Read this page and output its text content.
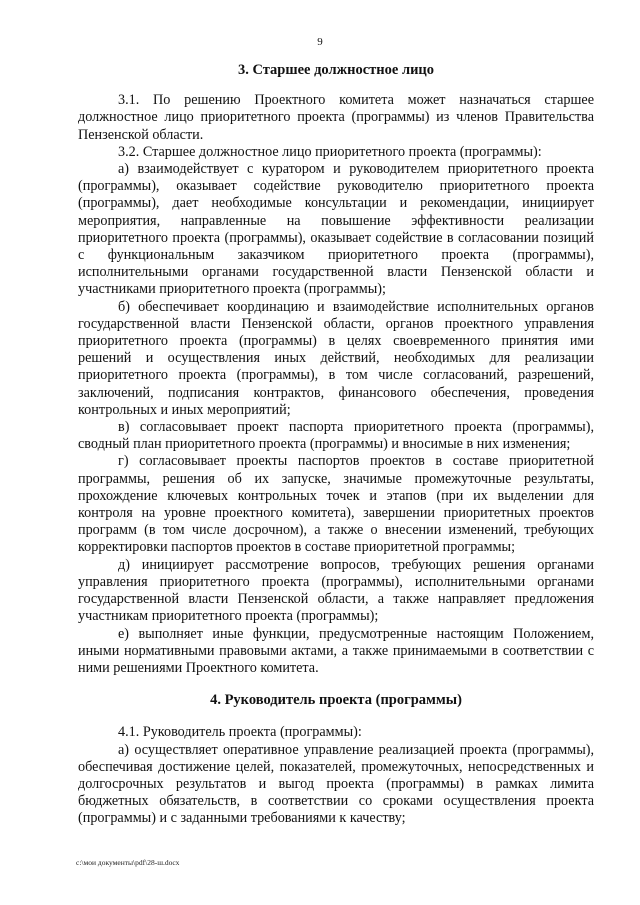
9
3. Старшее должностное лицо

3.1. По решению Проектного комитета может назначаться старшее должностное лицо приоритетного проекта (программы) из членов Правительства Пензенской области.

3.2. Старшее должностное лицо приоритетного проекта (программы):

а) взаимодействует с куратором и руководителем приоритетного проекта (программы), оказывает содействие руководителю приоритетного проекта (программы), дает необходимые консультации и рекомендации, инициирует мероприятия, направленные на повышение эффективности реализации приоритетного проекта (программы), оказывает содействие в согласовании позиций с функциональным заказчиком приоритетного проекта (программы), исполнительными органами государственной власти Пензенской области и участниками приоритетного проекта (программы);

б) обеспечивает координацию и взаимодействие исполнительных органов государственной власти Пензенской области, органов проектного управления приоритетного проекта (программы) в целях своевременного принятия ими решений и осуществления иных действий, необходимых для реализации приоритетного проекта (программы), в том числе согласований, разрешений, заключений, подписания контрактов, финансового обеспечения, проведения контрольных и иных мероприятий;

в) согласовывает проект паспорта приоритетного проекта (программы), сводный план приоритетного проекта (программы) и вносимые в них изменения;

г) согласовывает проекты паспортов проектов в составе приоритетной программы, решения об их запуске, значимые промежуточные результаты, прохождение ключевых контрольных точек и этапов (при их выделении для контроля на уровне проектного комитета), завершении приоритетных проектов программ (в том числе досрочном), а также о внесении изменений, требующих корректировки паспортов проектов в составе приоритетной программы;

д) инициирует рассмотрение вопросов, требующих решения органами управления приоритетного проекта (программы), исполнительными органами государственной власти Пензенской области, а также направляет предложения участникам приоритетного проекта (программы);

е) выполняет иные функции, предусмотренные настоящим Положением, иными нормативными правовыми актами, а также принимаемыми в соответствии с ними решениями Проектного комитета.

4. Руководитель проекта (программы)

4.1. Руководитель проекта (программы):

а) осуществляет оперативное управление реализацией проекта (программы), обеспечивая достижение целей, показателей, промежуточных, непосредственных и долгосрочных результатов и выгод проекта (программы) в рамках лимита бюджетных обязательств, в соответствии со сроками осуществления проекта (программы) и с заданными требованиями к качеству;

c:\мои документы\pdf\28-ш.docx
